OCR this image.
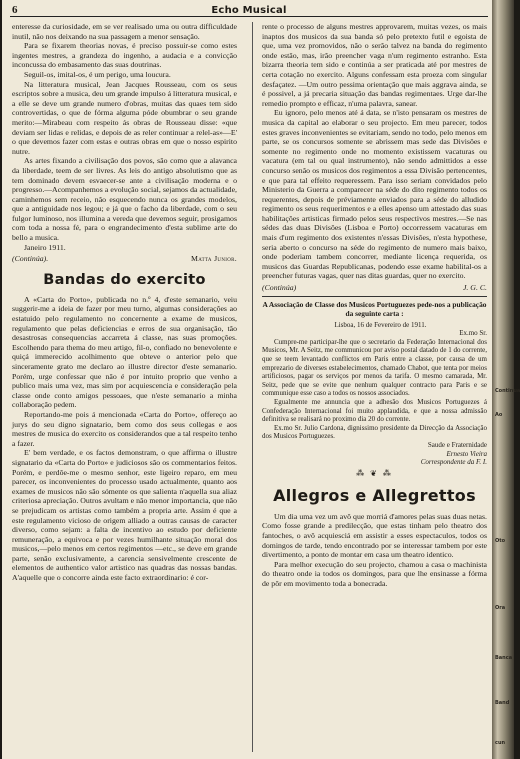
6	Echo Musical

enteresse da curiosidade, em se ver realisado uma ou outra difficuldade inutil, não nos deixando na sua passagem a menor sensação.

Para se fixarem theorias novas, é preciso possuir-se como estes ingentes mestres, a grandeza do ingenho, a audacia e a convicção inconcussa do embasamento das suas doutrinas.

Seguil-os, imital-os, é um perigo, uma loucura.

Na litteratura musical, Jean Jacques Rousseau, com os seus escriptos sobre a musica, deu um grande impulso á litteratura musical, e a elle se deve um grande numero d'obras, muitas das quaes tem sido controvertidas, o que de fórma alguma póde obumbrar o seu grande merito:—Mirabeau com respeito ás obras de Rousseau disse: «que deviam ser lidas e relidas, e depois de as reler continuar a relel-as»—E' o que devemos fazer com estas e outras obras em que o nosso espirito nutre.

As artes fixando a civilisação dos povos, são como que a alavanca da liberdade, teem de ser livres. As leis do antigo absolutismo que as tem dominado devem esvaecer-se ante a civilisação moderna e o progresso.—Acompanhemos a evolução social, sejamos da actualidade, caminhemos sem receio, não esquecendo nunca os grandes modelos, que a antiguidade nos legou; e já que o facho da liberdade, com o seu fulgor luminoso, nos illumina a vereda que devemos seguir, prosigamos com toda a nossa fé, para o engrandecimento d'esta sublime arte do bello a musica.

Janeiro 1911.

(Continúa).	Matta Junior.
Bandas do exercito

A «Carta do Porto», publicada no n.º 4, d'este semanario, veiu suggerir-me a ideia de fazer por meu turno, algumas considerações ao estatuido pelo regulamento no concernente a exame de musicos, regulamento que pelas deficiencias e erros de sua organisação, tão desastrosas consequencias accarreta á classe, nas suas promoções. Escolhendo para thema do meu artigo, fil-o, confiado no benevolente e quiçá immerecido acolhimento que obteve o anterior pelo que sinceramente grato me declaro ao illustre director d'este semanario. Porém, urge confessar que não é por intuito proprio que venho a publico mais uma vez, mas sim por acquiescencia e consideração pela classe onde conto amigos pessoaes, que n'este semanario a minha collaboração pedem.

Reportando-me pois á mencionada «Carta do Porto», offereço ao jurys do seu digno signatario, bem como dos seus collegas e aos mestres de musica do exercito os considerandos que a tal respeito tenho a fazer.

E' bem verdade, e os factos demonstram, o que affirma o illustre signatario da «Carta do Porto» e judiciosos são os commentarios feitos. Porém, e perdôe-me o mesmo senhor, este ligeiro reparo, em meu parecer, os inconvenientes do processo usado actualmente, quanto aos exames de musicos não são sómente os que salienta n'aquella sua aliaz criteriosa apreciação. Outros avultam e não menor importancia, que não se prejudicam os artistas como também a propria arte. Assim é que a este regulamento vicioso de origem alliado a outras causas de caracter diverso, como sejam: a falta de incentivo ao estudo por deficiente remuneração, a equivoca e por vezes humilhante situação moral dos musicos,—pelo menos em certos regimentos —etc., se deve em grande parte, senão exclusivamente, a carencia sensivelmente crescente de elementos de authentico valor artistico nas quadras das nossas bandas. A'aquelle que o concorre ainda este facto extraordinario: é cor-

rente o processo de alguns mestres approvarem, muitas vezes, os mais inaptos dos musicos da sua banda só pelo pretexto futil e egoista de que, uma vez promovidos, não o serão talvez na banda do regimento onde estão, mas, irão preencher vaga n'um regimento estranho. Esta bizarra theoria tem sido e continúa a ser praticada até por mestres de certa cotação no exercito. Alguns confessam esta proeza com singular desfaçatez. —Um outro pessima orientação que mais aggrava ainda, se é possivel, a já precaria situação das bandas regimentaes. Urge dar-lhe remedio prompto e efficaz, n'uma palavra, sanear.

Eu ignoro, pelo menos até á data, se n'isto pensaram os mestres de musica da capital ao elaborar o seu projecto. Em meu parecer, todos estes graves inconvenientes se evitariam, sendo no todo, pelo menos em parte, se os concursos somente se abrissem mas sede das Divisões e somente no regimento onde no momento existissem vacaturas ou vacatura (em tal ou qual instrumento), não sendo admittidos a esse concurso senão os musicos dos regimentos a essa Divisão pertencentes, e que para tal effeito requeressem. Para isso seriam convidados pelo Ministerio da Guerra a comparecer na séde do dito regimento todos os requerentes, depois de préviamente enviados para a séde do alludido regimento os seus requerimentos e a elles apenso um attestado das suas habilitações artisticas firmado pelos seus respectivos mestres.—Se nas sédes das duas Divisões (Lisboa e Porto) occorressem vacaturas em mais d'um regimento dos existentes n'essas Divisões, n'esta hypothese, seria aberto o concurso na séde do regimento de numero mais baixo, onde poderiam tambem concorrer, mediante licença requerida, os musicos das Guardas Republicanas, podendo esse exame habilital-os a preencher futuras vagas, quer nas ditas guardas, quer no exercito.

(Continúa)	J. G. C.
A Associação de Classe dos Musicos Portuguezes pede-nos a publicação da seguinte carta :

Lisboa, 16 de Fevereiro de 1911.

Ex.mo Sr.

Cumpre-me participar-lhe que o secretario da Federação Internacional dos Musicos, Mr. A Seitz, me communicou por aviso postal datado de 1 do corrente, que se teem levantado conflictos em Paris entre a classe, por causa de um emprezario de diverses estabelecimentos, chamado Chabot, que tenta por meios artificiosos, pagar os serviços por menos da tarifa. O mesmo camarada, Mr. Seitz, pede que se evite que nenhum qualquer contracto para Paris e se communique esse caso a todos os nossos associados.

Egualmente me annuncia que a adhesão dos Musicos Portuguezes á Confederação Internacional foi muito applaudida, e que a nossa admissão definitiva se realisará no proximo dia 20 do corrente.

Ex.mo Sr. Julio Cardona, dignissimo presidente da Direcção da Associação dos Musicos Portuguezes.

Saude e Fraternidade

Ernesto Vieira

Correspondente da F. I.

⁂ ❦ ⁂
Allegros e Allegrettos

Um dia uma vez um avô que morriá d'amores pelas suas duas netas. Como fosse grande a predilecção, que estas tinham pelo theatro dos fantoches, o avô acquiesciá em assistir a esses espectaculos, todos os domingos de tarde, tendo encontrado por se interessar tambem por este divertimento, a ponto de montar em casa um theatro identico.

Para melhor execução do seu projecto, chamou a casa o machinista do theatro onde ia todos os domingos, para que lhe ensinasse a fórma de pôr em movimento toda a bonecrada.

Continua
Ao
Oto
Ora
Banca
Band
cun
